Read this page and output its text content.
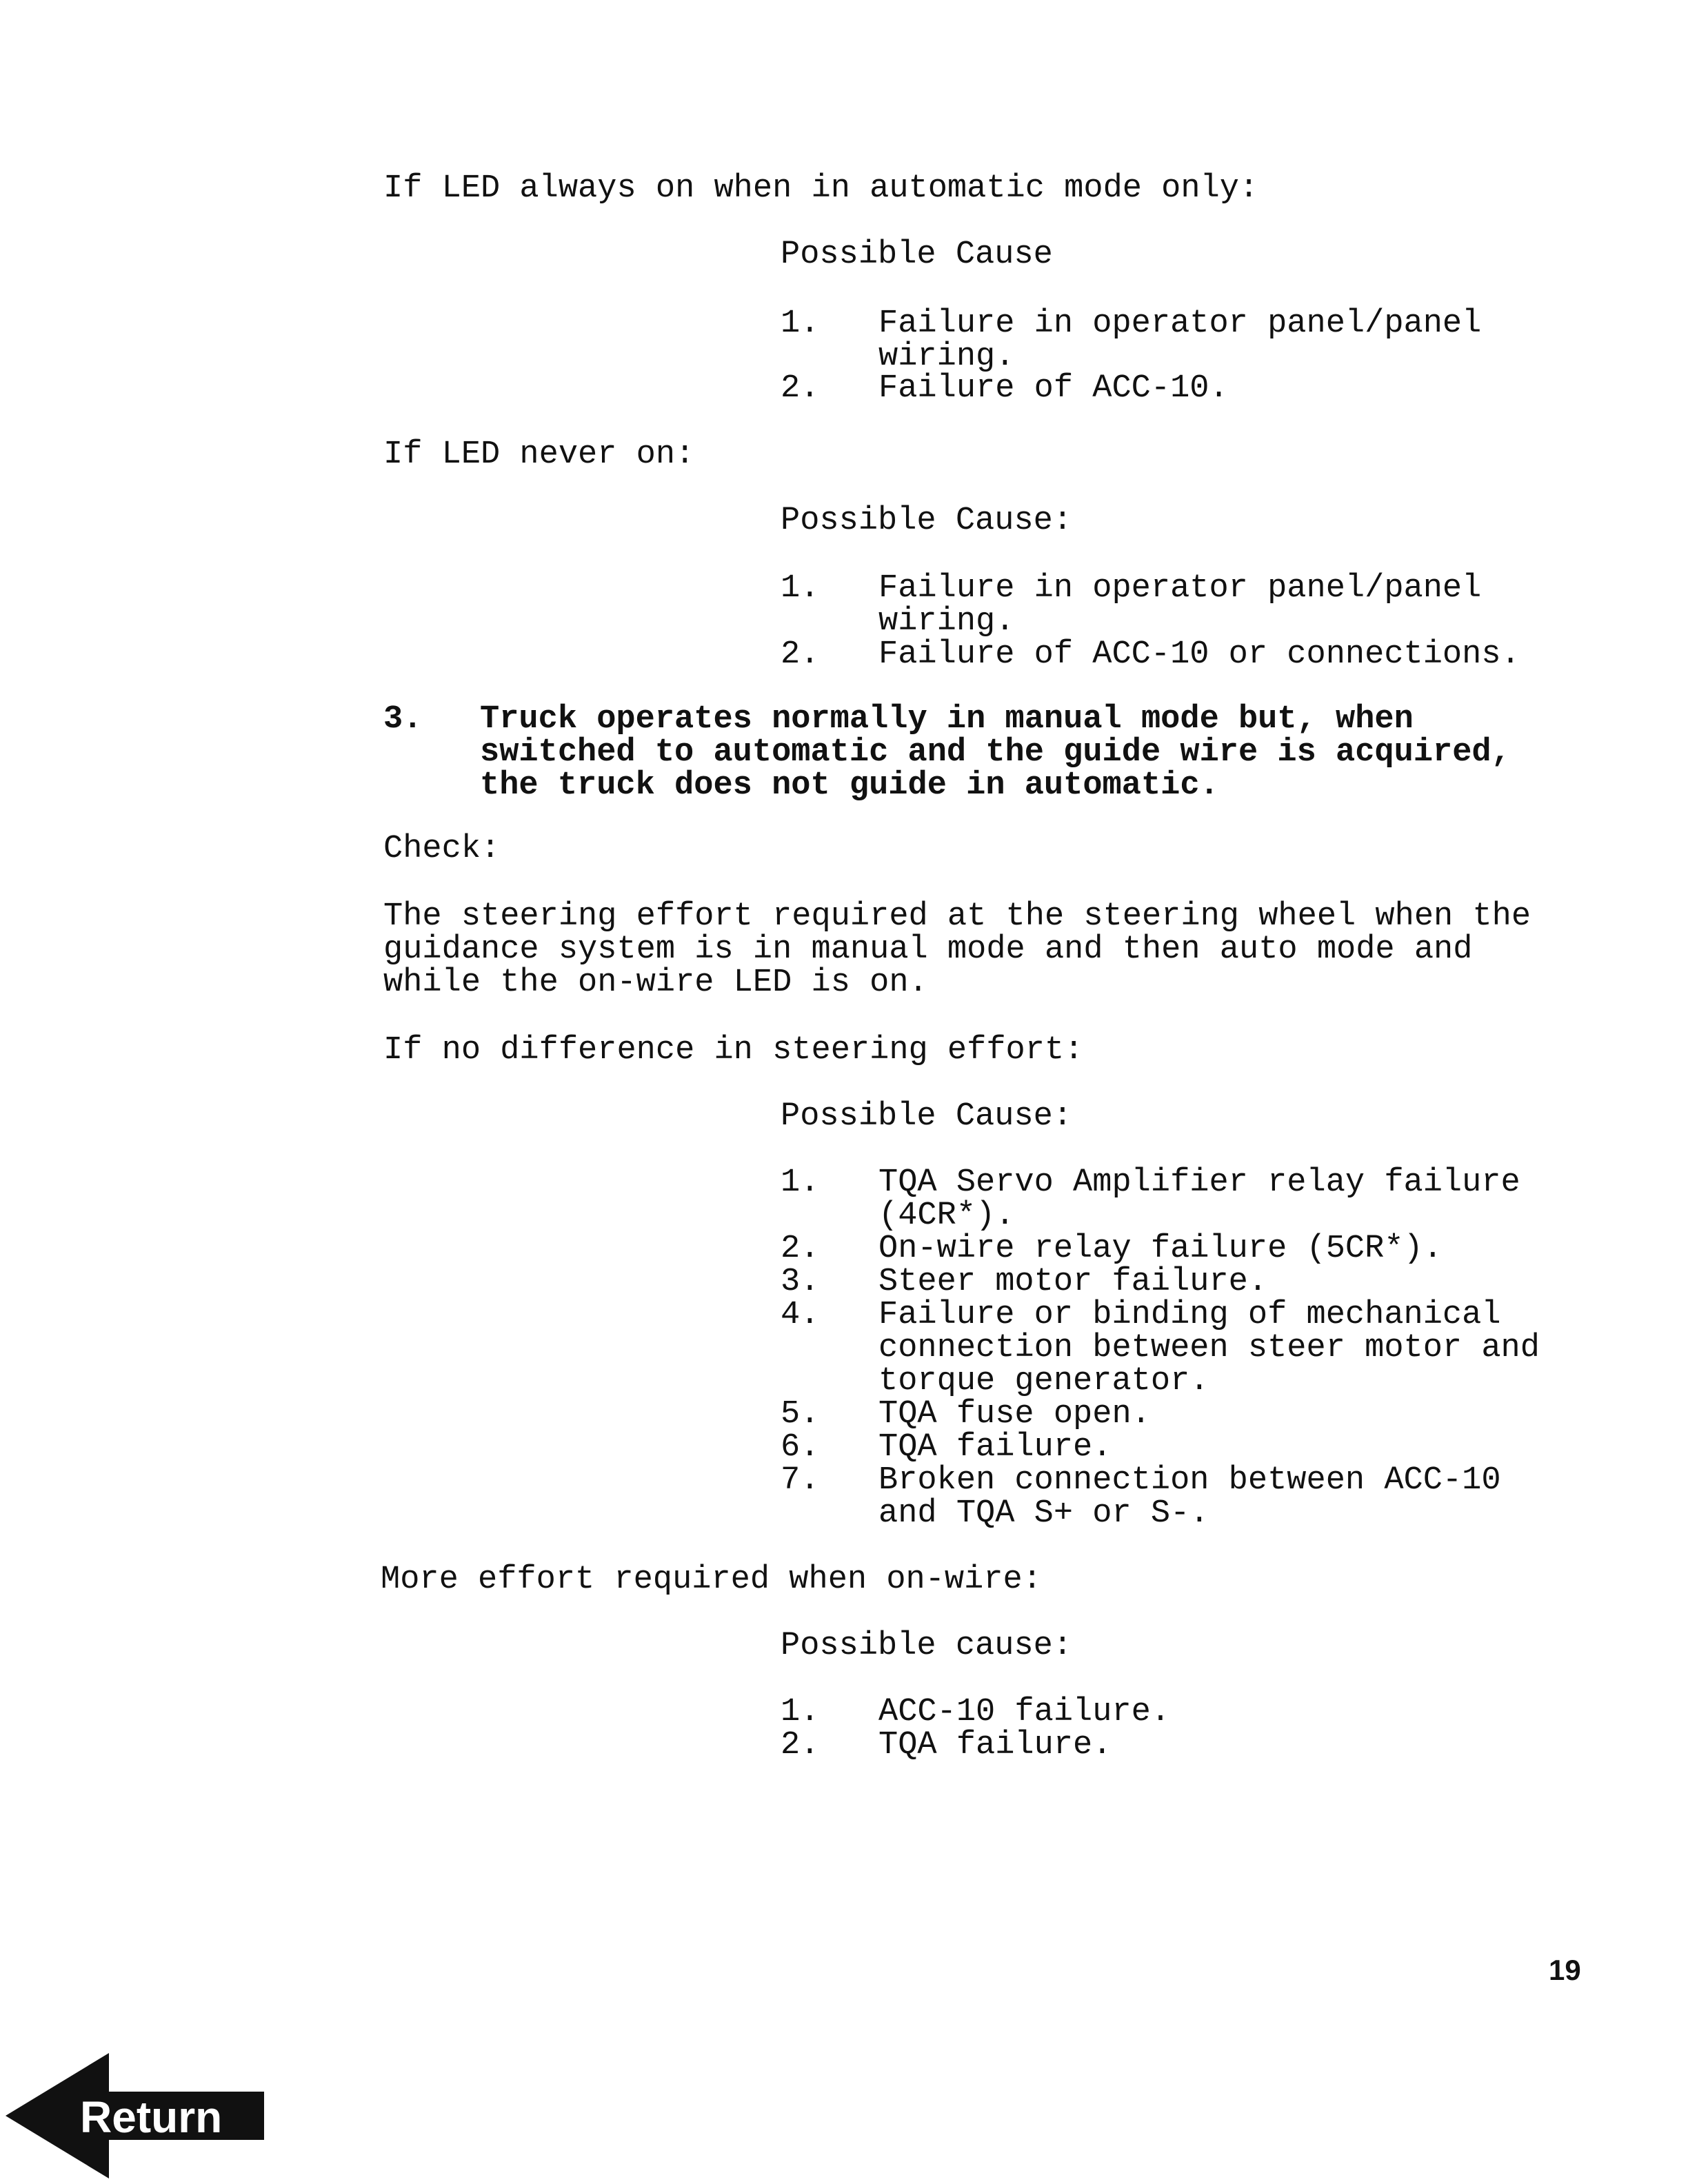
If LED always on when in automatic mode only:
Possible Cause
1. Failure in operator panel/panel
wiring.
2. Failure of ACC-10.
If LED never on:
Possible Cause:
1. Failure in operator panel/panel
wiring.
2. Failure of ACC-10 or connections.
3. Truck operates normally in manual mode but, when
switched to automatic and the guide wire is acquired,
the truck does not guide in automatic.
Check:
The steering effort required at the steering wheel when the
guidance system is in manual mode and then auto mode and
while the on-wire LED is on.
If no difference in steering effort:
Possible Cause:
1. TQA Servo Amplifier relay failure
(4CR*).
2. On-wire relay failure (5CR*).
3. Steer motor failure.
4. Failure or binding of mechanical
connection between steer motor and
torque generator.
5. TQA fuse open.
6. TQA failure.
7. Broken connection between ACC-10
and TQA S+ or S-.
More effort required when on-wire:
Possible cause:
1. ACC-10 failure.
2. TQA failure.
19
Return
